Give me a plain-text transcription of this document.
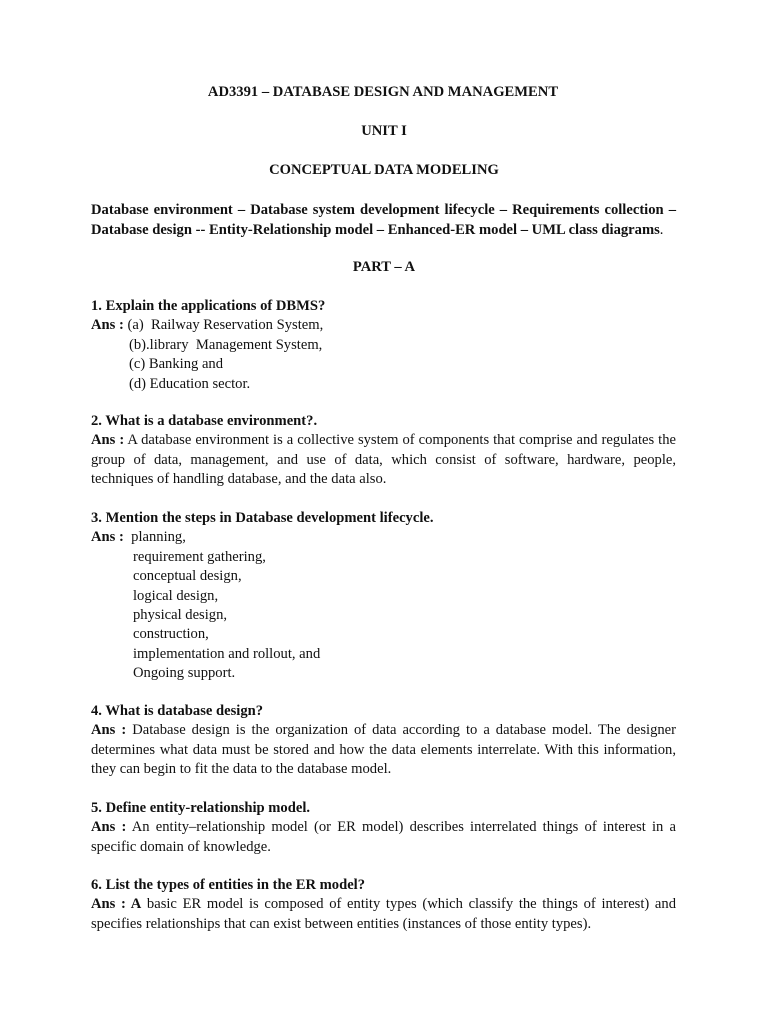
AD3391 – DATABASE DESIGN AND MANAGEMENT
UNIT I
CONCEPTUAL DATA MODELING
Database environment – Database system development lifecycle – Requirements collection – Database design -- Entity-Relationship model – Enhanced-ER model – UML class diagrams.
PART – A
1. Explain the applications of DBMS?
Ans : (a)  Railway Reservation System,
(b).library  Management System,
(c) Banking and
(d) Education sector.
2. What is a database environment?.
Ans : A database environment is a collective system of components that comprise and regulates the group of data, management, and use of data, which consist of software, hardware, people, techniques of handling database, and the data also.
3. Mention the steps in Database development lifecycle.
Ans :  planning,
requirement gathering,
conceptual design,
logical design,
physical design,
construction,
implementation and rollout, and
Ongoing support.
4. What is database design?
Ans : Database design is the organization of data according to a database model. The designer determines what data must be stored and how the data elements interrelate. With this information, they can begin to fit the data to the database model.
5. Define entity-relationship model.
Ans : An entity–relationship model (or ER model) describes interrelated things of interest in a specific domain of knowledge.
6. List the types of entities in the ER model?
Ans : A basic ER model is composed of entity types (which classify the things of interest) and specifies relationships that can exist between entities (instances of those entity types).
